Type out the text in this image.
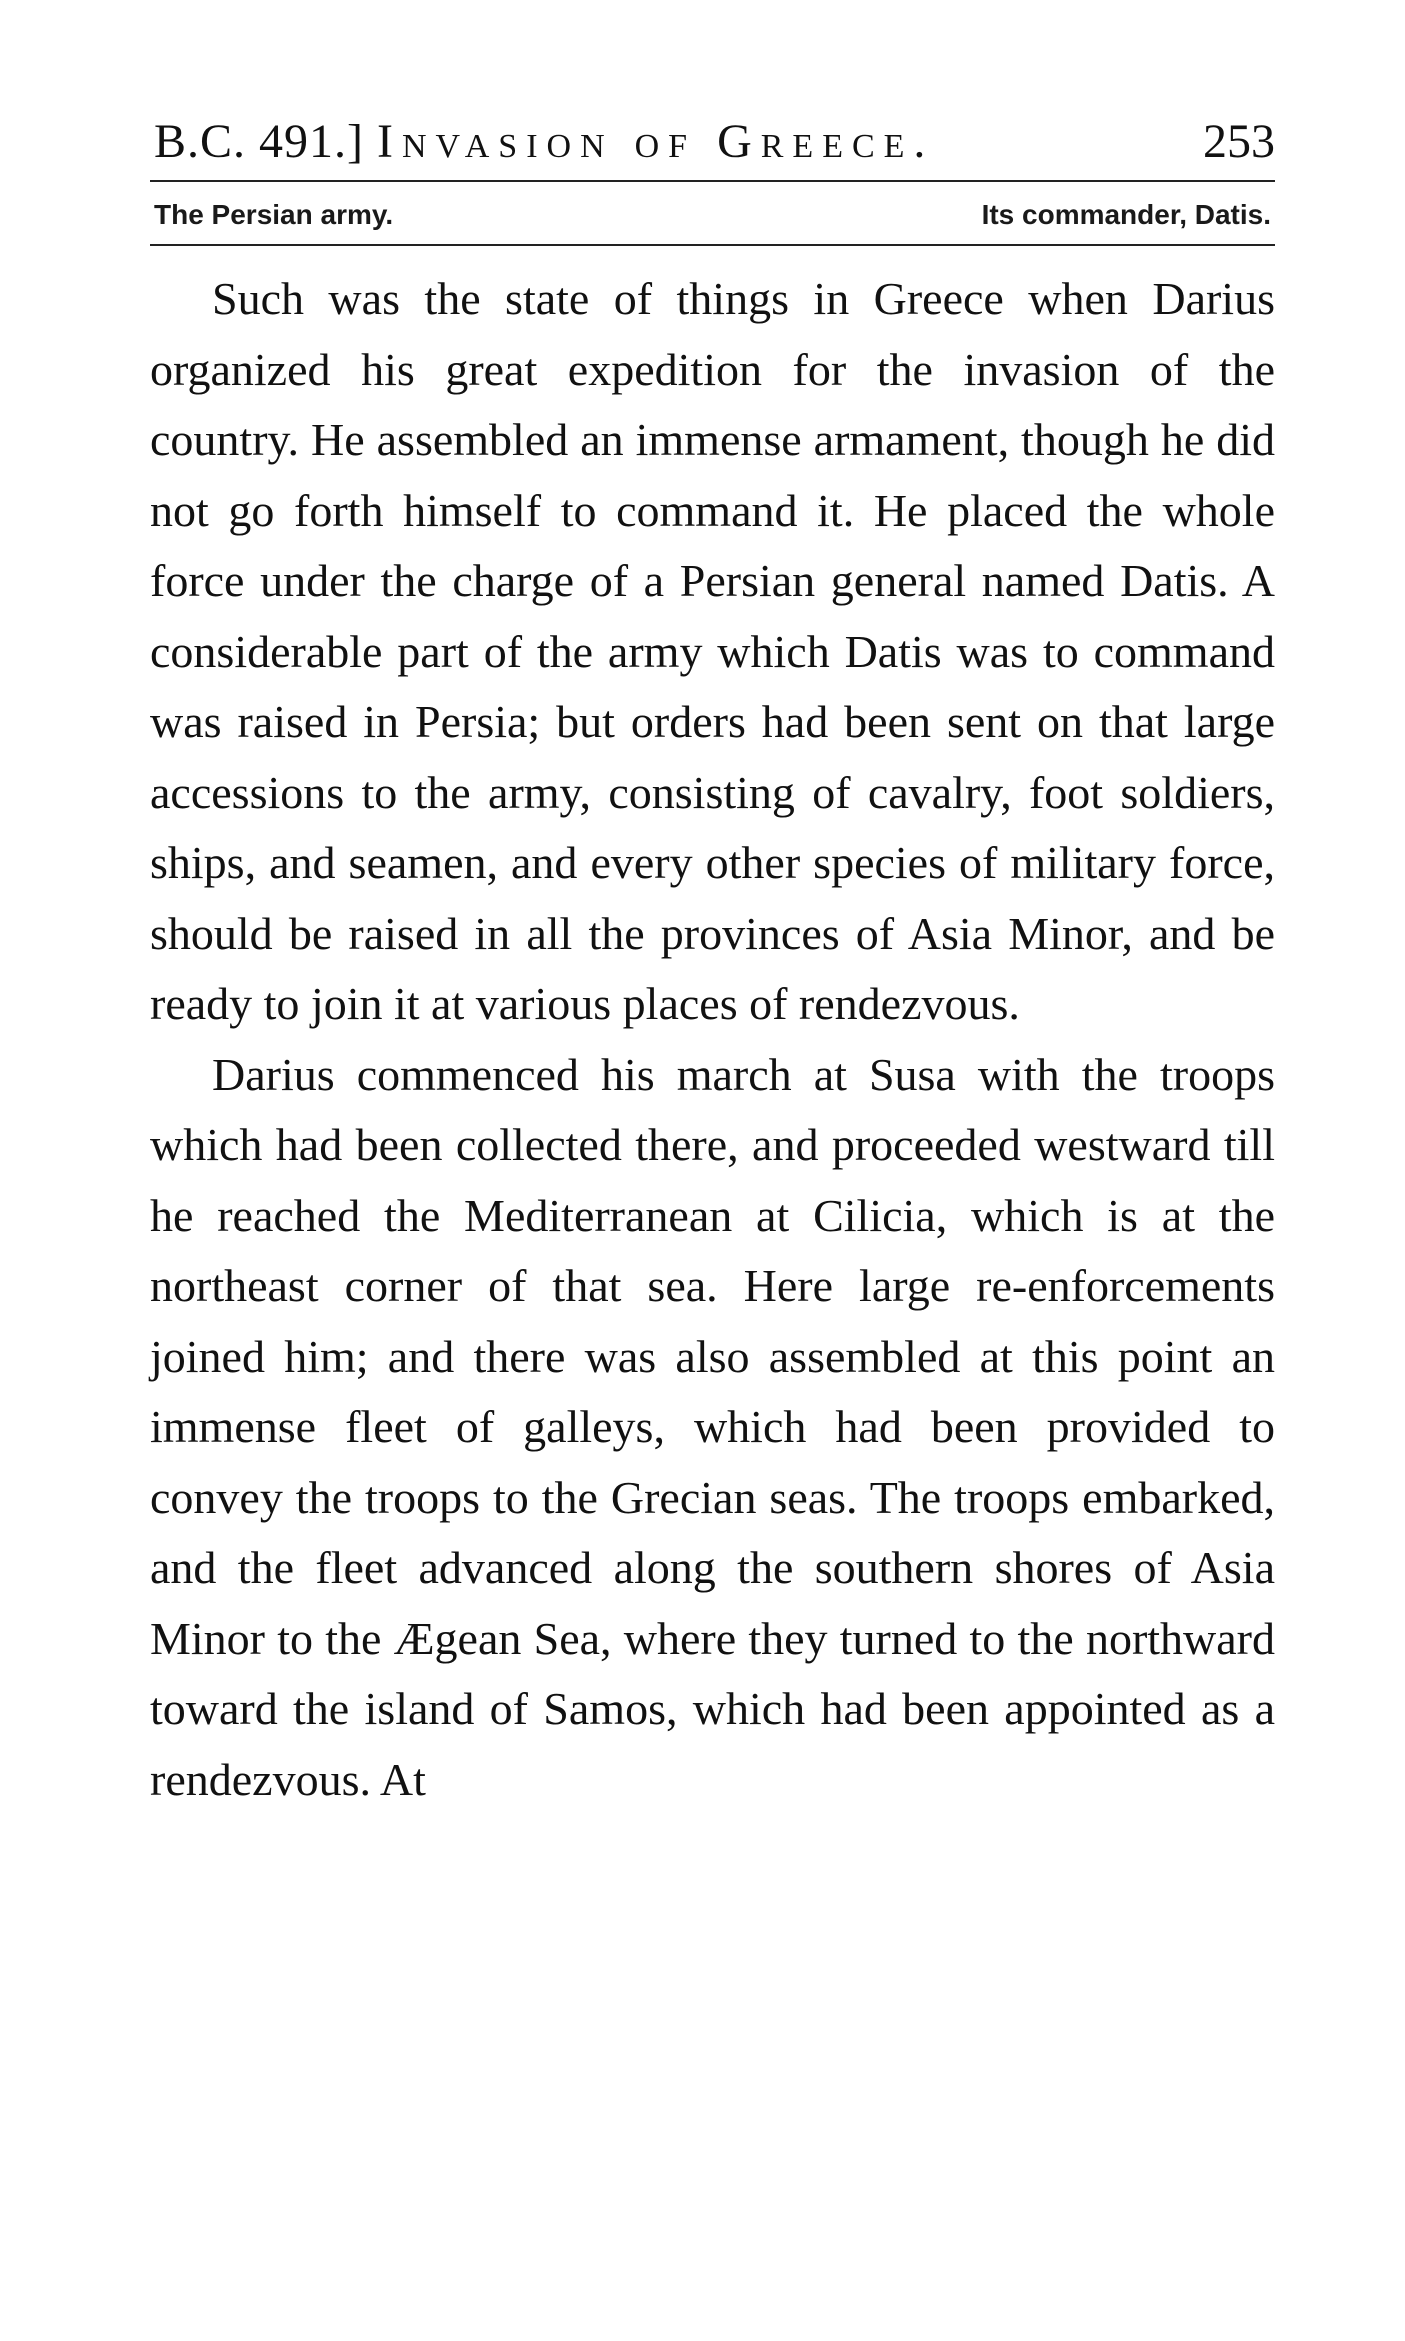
B.C. 491.] Invasion of Greece.	253
The Persian army.	Its commander, Datis.

Such was the state of things in Greece when Darius organized his great expedition for the invasion of the country. He assembled an immense armament, though he did not go forth himself to command it. He placed the whole force under the charge of a Persian general named Datis. A considerable part of the army which Datis was to command was raised in Persia; but orders had been sent on that large accessions to the army, consisting of cavalry, foot soldiers, ships, and seamen, and every other species of military force, should be raised in all the provinces of Asia Minor, and be ready to join it at various places of rendezvous.

Darius commenced his march at Susa with the troops which had been collected there, and proceeded westward till he reached the Mediterranean at Cilicia, which is at the northeast corner of that sea. Here large re-enforcements joined him; and there was also assembled at this point an immense fleet of galleys, which had been provided to convey the troops to the Grecian seas. The troops embarked, and the fleet advanced along the southern shores of Asia Minor to the Ægean Sea, where they turned to the northward toward the island of Samos, which had been appointed as a rendezvous. At
